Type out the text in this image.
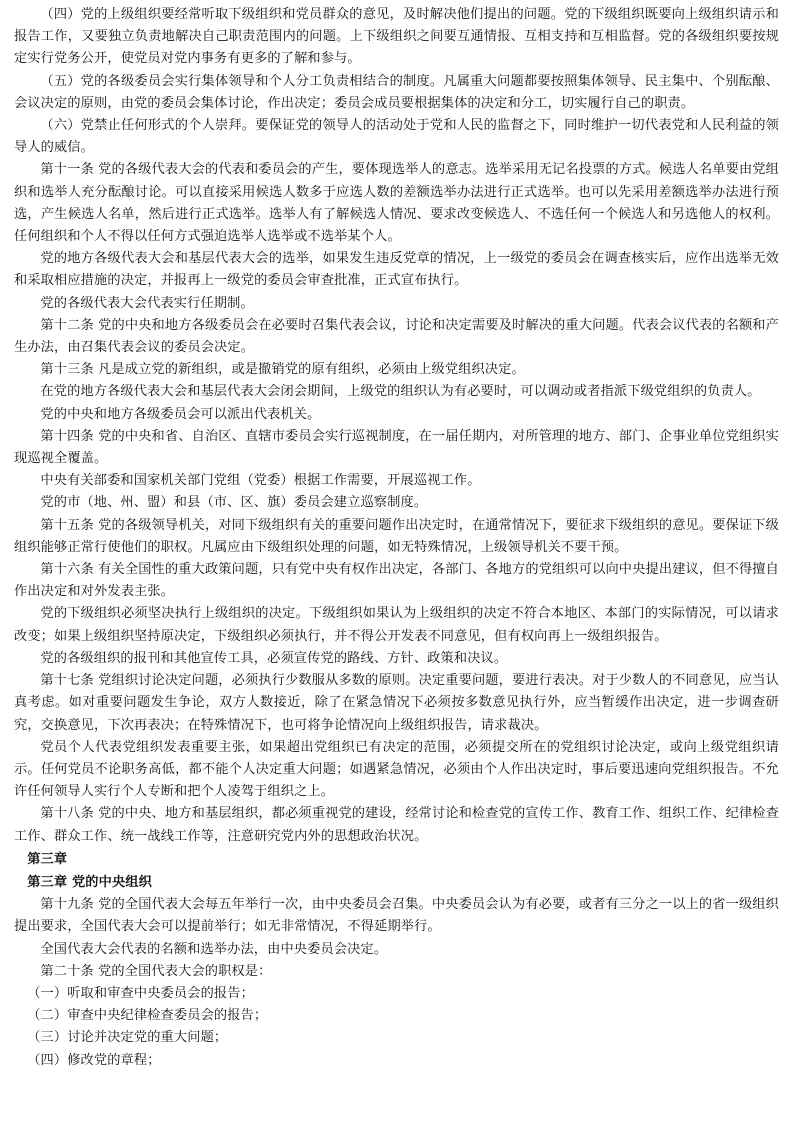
（四）党的上级组织要经常听取下级组织和党员群众的意见，及时解决他们提出的问题。党的下级组织既要向上级组织请示和报告工作，又要独立负责地解决自己职责范围内的问题。上下级组织之间要互通情报、互相支持和互相监督。党的各级组织要按规定实行党务公开，使党员对党内事务有更多的了解和参与。

（五）党的各级委员会实行集体领导和个人分工负责相结合的制度。凡属重大问题都要按照集体领导、民主集中、个别酝酿、会议决定的原则，由党的委员会集体讨论，作出决定；委员会成员要根据集体的决定和分工，切实履行自己的职责。

（六）党禁止任何形式的个人崇拜。要保证党的领导人的活动处于党和人民的监督之下，同时维护一切代表党和人民利益的领导人的威信。

第十一条 党的各级代表大会的代表和委员会的产生，要体现选举人的意志。选举采用无记名投票的方式。候选人名单要由党组织和选举人充分酝酿讨论。可以直接采用候选人数多于应选人数的差额选举办法进行正式选举。也可以先采用差额选举办法进行预选，产生候选人名单，然后进行正式选举。选举人有了解候选人情况、要求改变候选人、不选任何一个候选人和另选他人的权利。任何组织和个人不得以任何方式强迫选举人选举或不选举某个人。

党的地方各级代表大会和基层代表大会的选举，如果发生违反党章的情况，上一级党的委员会在调查核实后，应作出选举无效和采取相应措施的决定，并报再上一级党的委员会审查批准，正式宣布执行。

党的各级代表大会代表实行任期制。

第十二条 党的中央和地方各级委员会在必要时召集代表会议，讨论和决定需要及时解决的重大问题。代表会议代表的名额和产生办法，由召集代表会议的委员会决定。

第十三条 凡是成立党的新组织，或是撤销党的原有组织，必须由上级党组织决定。

在党的地方各级代表大会和基层代表大会闭会期间，上级党的组织认为有必要时，可以调动或者指派下级党组织的负责人。

党的中央和地方各级委员会可以派出代表机关。

第十四条 党的中央和省、自治区、直辖市委员会实行巡视制度，在一届任期内，对所管理的地方、部门、企事业单位党组织实现巡视全覆盖。

中央有关部委和国家机关部门党组（党委）根据工作需要，开展巡视工作。

党的市（地、州、盟）和县（市、区、旗）委员会建立巡察制度。

第十五条 党的各级领导机关，对同下级组织有关的重要问题作出决定时，在通常情况下，要征求下级组织的意见。要保证下级组织能够正常行使他们的职权。凡属应由下级组织处理的问题，如无特殊情况，上级领导机关不要干预。

第十六条 有关全国性的重大政策问题，只有党中央有权作出决定，各部门、各地方的党组织可以向中央提出建议，但不得擅自作出决定和对外发表主张。

党的下级组织必须坚决执行上级组织的决定。下级组织如果认为上级组织的决定不符合本地区、本部门的实际情况，可以请求改变；如果上级组织坚持原决定，下级组织必须执行，并不得公开发表不同意见，但有权向再上一级组织报告。

党的各级组织的报刊和其他宣传工具，必须宣传党的路线、方针、政策和决议。

第十七条 党组织讨论决定问题，必须执行少数服从多数的原则。决定重要问题，要进行表决。对于少数人的不同意见，应当认真考虑。如对重要问题发生争论，双方人数接近，除了在紧急情况下必须按多数意见执行外，应当暂缓作出决定，进一步调查研究，交换意见，下次再表决；在特殊情况下，也可将争论情况向上级组织报告，请求裁决。

党员个人代表党组织发表重要主张，如果超出党组织已有决定的范围，必须提交所在的党组织讨论决定，或向上级党组织请示。任何党员不论职务高低，都不能个人决定重大问题；如遇紧急情况，必须由个人作出决定时，事后要迅速向党组织报告。不允许任何领导人实行个人专断和把个人凌驾于组织之上。

第十八条 党的中央、地方和基层组织，都必须重视党的建设，经常讨论和检查党的宣传工作、教育工作、组织工作、纪律检查工作、群众工作、统一战线工作等，注意研究党内外的思想政治状况。

第三章

第三章 党的中央组织

第十九条 党的全国代表大会每五年举行一次，由中央委员会召集。中央委员会认为有必要，或者有三分之一以上的省一级组织提出要求，全国代表大会可以提前举行；如无非常情况，不得延期举行。

全国代表大会代表的名额和选举办法，由中央委员会决定。

第二十条 党的全国代表大会的职权是：

（一）听取和审查中央委员会的报告；

（二）审查中央纪律检查委员会的报告；

（三）讨论并决定党的重大问题；

（四）修改党的章程；
